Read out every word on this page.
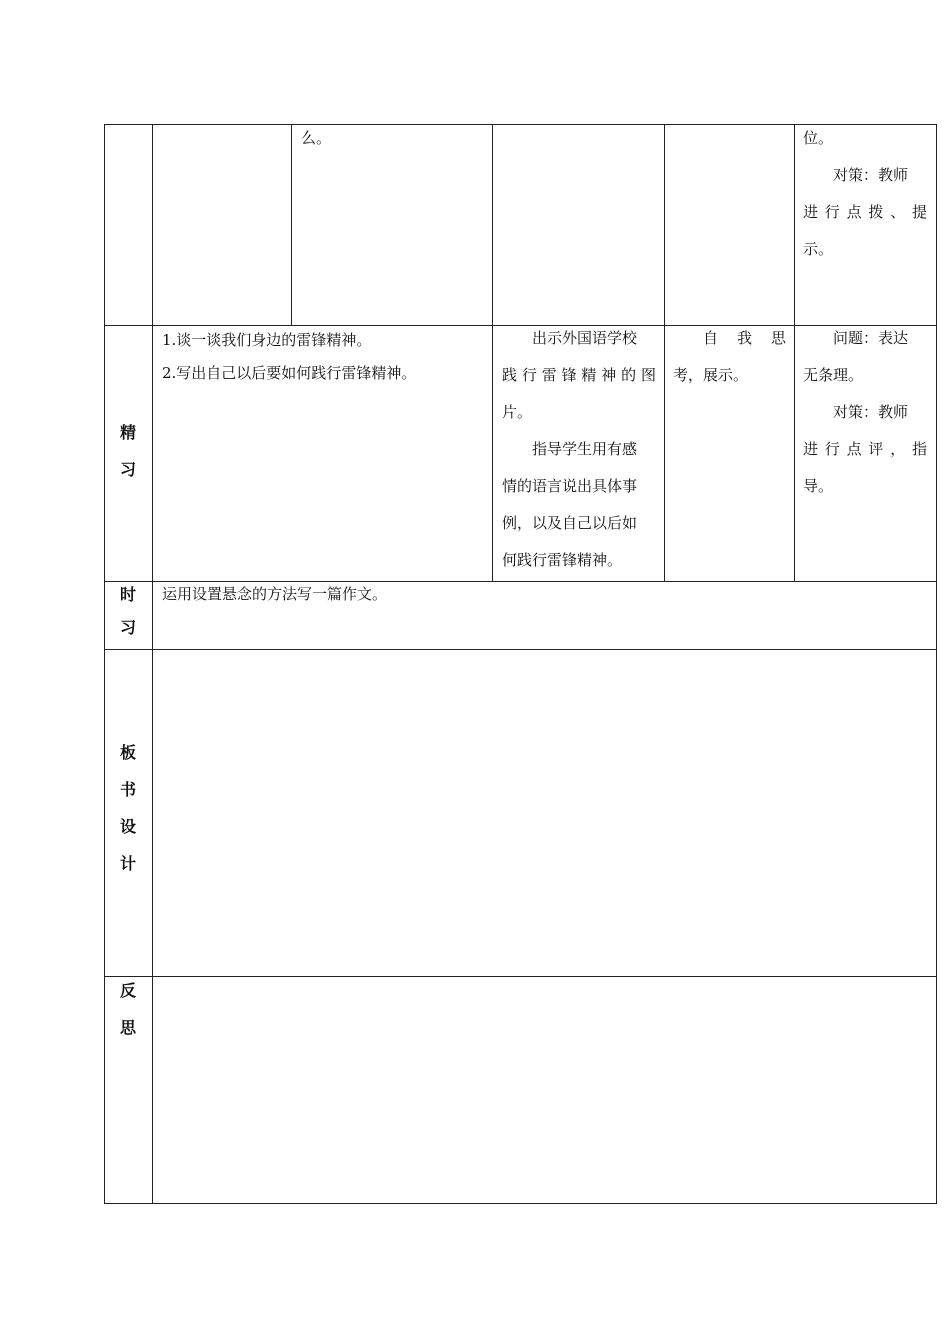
么。	位。

对策：教师

进行点拨、提

示。

精
习

1.谈一谈我们身边的雷锋精神。

2.写出自己以后要如何践行雷锋精神。

出示外国语学校

践行雷锋精神的图

片。

指导学生用有感

情的语言说出具体事

例，以及自己以后如

何践行雷锋精神。

自我思

考，展示。

问题：表达

无条理。

对策：教师

进行点评，指

导。

时
习

运用设置悬念的方法写一篇作文。

板
书
设
计
反
思
